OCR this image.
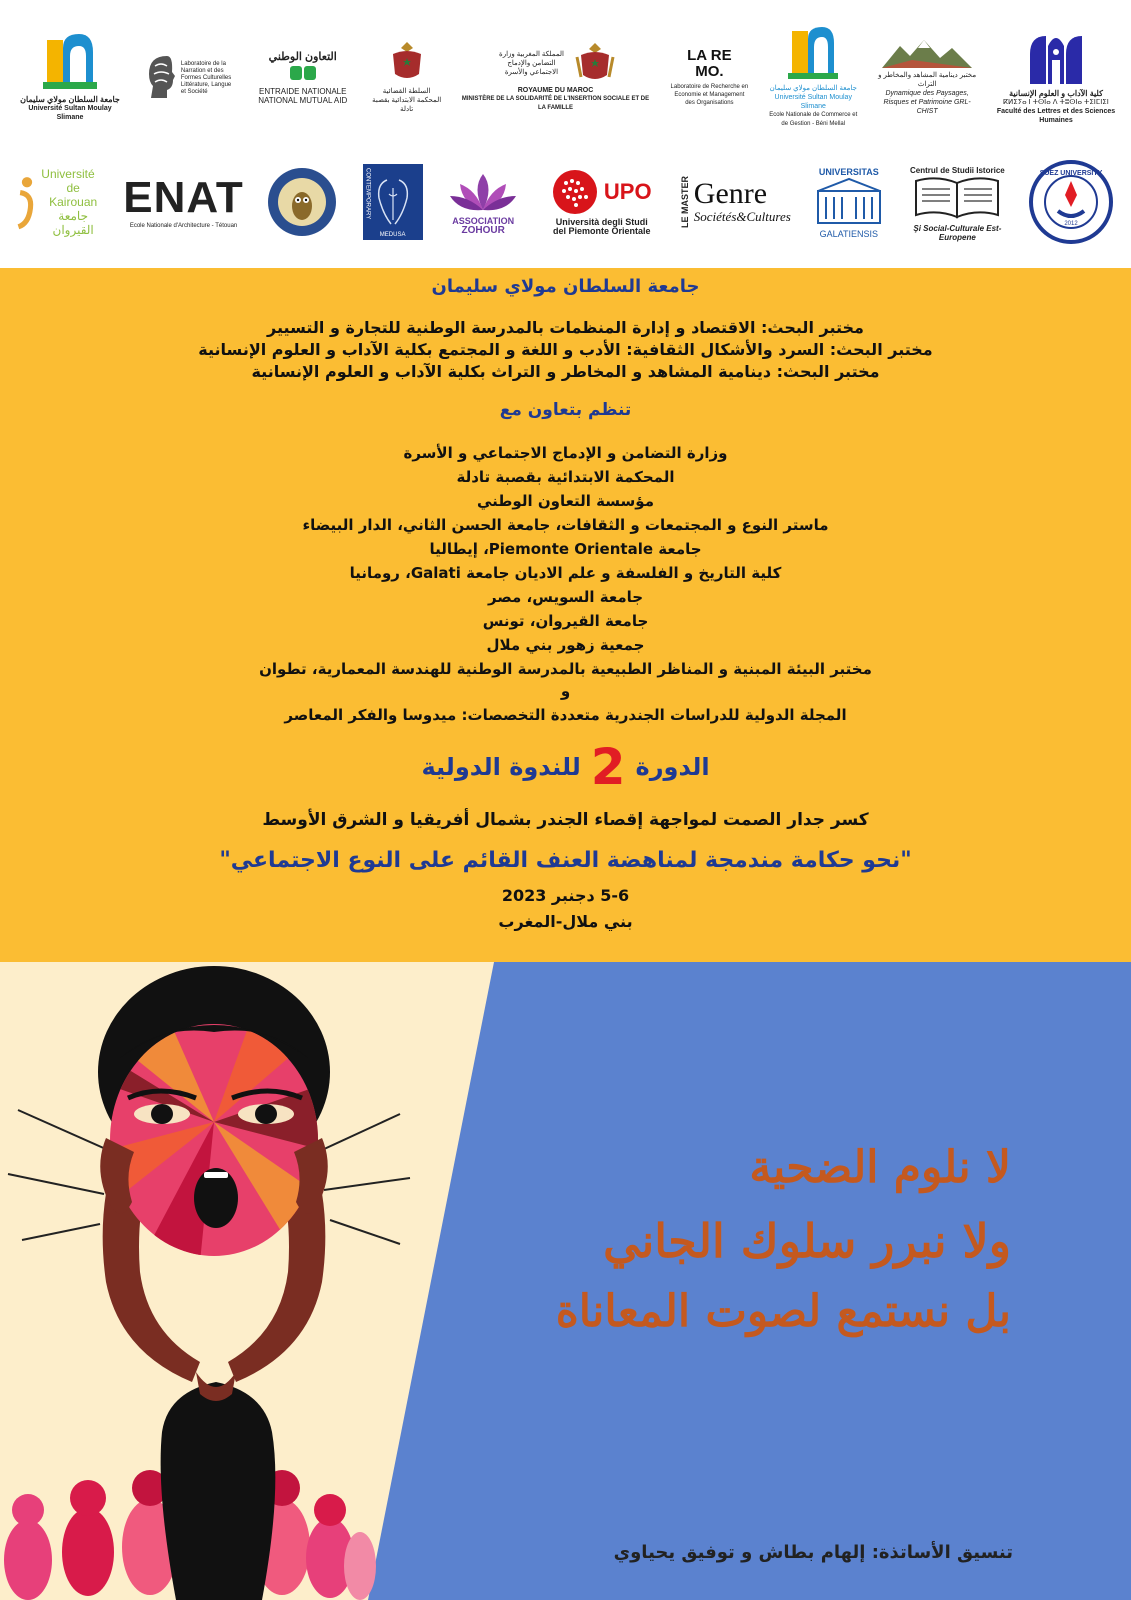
كلية الآداب و العلوم الإنسانية
ⴽⵍⵉⵢⴰ ⵏ ⵜⵙⵏⴰ ⴷ ⵜⵓⵙⵏⴰ ⵜⵉⵏⵎⵏⵉⵏ
Faculté des Lettres et des Sciences Humaines
مختبر دينامية المشاهد والمخاطر و التراث
Dynamique des Paysages, Risques et Patrimoine GRL-CHIST
جامعة السلطان مولاي سليمان
Université Sultan Moulay Slimane
Ecole Nationale de Commerce et de Gestion - Béni Mellal
LA RE MO.
Laboratoire de Recherche en Economie et Management des Organisations
المملكة المغربية وزارة التضامن والإدماج الاجتماعي والأسرة
ROYAUME DU MAROC
MINISTÈRE DE LA SOLIDARITÉ DE L'INSERTION SOCIALE ET DE LA FAMILLE
السلطة القضائية
المحكمة الابتدائية بقصبة تادلة
التعاون الوطني
ENTRAIDE NATIONALE
NATIONAL MUTUAL AID
Laboratoire de la Narration et des Formes Culturelles Littérature, Langue et Société
جامعة السلطان مولاي سليمان
Université Sultan Moulay Slimane
SUEZ UNIVERSITY
2012
Centrul de Studii Istorice
Şi Social-Culturale Est-Europene
UNIVERSITAS
GALATIENSIS
LE MASTER Genre
Sociétés&Cultures
UPO
Università degli Studi
del Piemonte Orientale
ASSOCIATION
ZOHOUR
CONTEMPORARY
MEDUSA
ENAT
Ecole Nationale d'Architecture - Tétouan
Université
de Kairouan
جامعة القيروان
جامعة السلطان مولاي سليمان
مختبر البحث: الاقتصاد و إدارة المنظمات بالمدرسة الوطنية للتجارة و التسيير
مختبر البحث: السرد والأشكال الثقافية: الأدب و اللغة و المجتمع بكلية الآداب و العلوم الإنسانية
مختبر البحث: دينامية المشاهد و المخاطر و التراث بكلية الآداب و العلوم الإنسانية
تنظم بتعاون مع
وزارة التضامن و الإدماج الاجتماعي و الأسرة
المحكمة الابتدائية بقصبة تادلة
مؤسسة التعاون الوطني
ماستر النوع و المجتمعات و الثقافات، جامعة الحسن الثاني، الدار البيضاء
جامعة Piemonte Orientale، إيطاليا
كلية التاريخ و الفلسفة و علم الاديان جامعة Galati، رومانيا
جامعة السويس، مصر
جامعة القيروان، تونس
جمعية زهور بني ملال
مختبر البيئة المبنية و المناظر الطبيعية بالمدرسة الوطنية للهندسة المعمارية، تطوان
و
المجلة الدولية للدراسات الجندرية متعددة التخصصات: ميدوسا والفكر المعاصر
الدورة
2
للندوة الدولية
كسر جدار الصمت لمواجهة إقصاء الجندر بشمال أفريقيا و الشرق الأوسط
"نحو حكامة مندمجة لمناهضة العنف القائم على النوع الاجتماعي"
5-6 دجنبر 2023
بني ملال-المغرب
لا نلوم الضحية
ولا نبرر سلوك الجاني
بل نستمع لصوت المعاناة
تنسيق الأساتذة: إلهام بطاش و توفيق يحياوي
